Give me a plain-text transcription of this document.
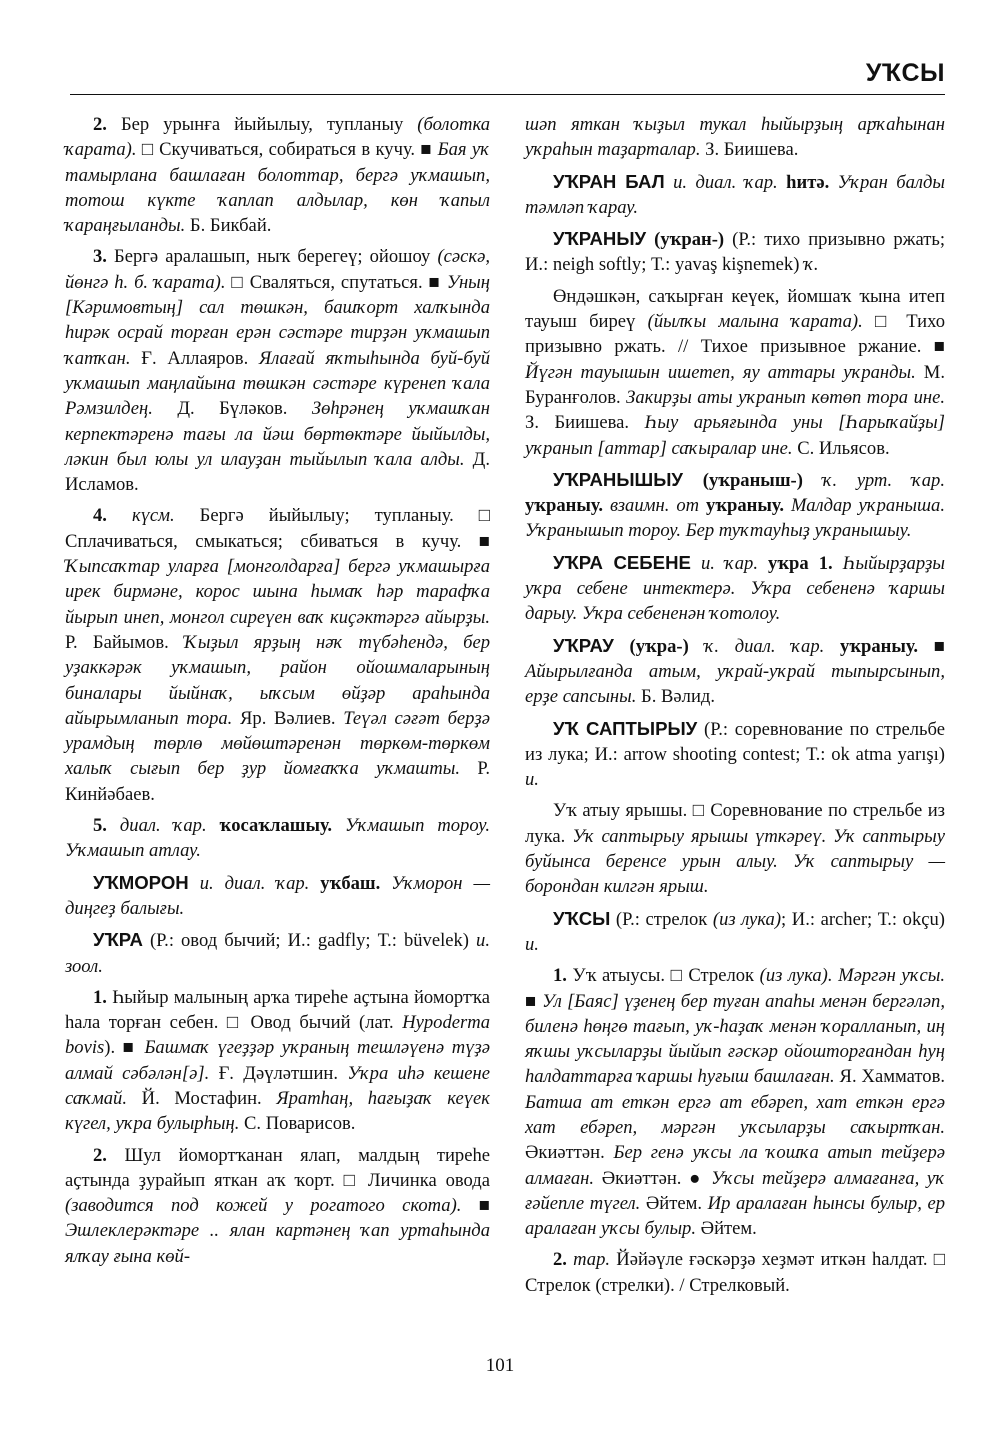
УҠСЫ

2. Бер урынға йыйылыу, тупланыу (болотка ҡарата). □ Скучиваться, собираться в кучу. ■ Бая уҡ тамырлана башлаған болоттар, бергә уҡмашып, тотош күкте ҡаплап алдылар, көн ҡапыл ҡараңғыланды. Б. Бикбай.

3. Бергә аралашып, ныҡ берегеү; ойошоу (сәскә, йөнгә һ. б. ҡарата). □ Сваляться, спутаться. ■ Уның [Кәримовтың] сал төшкән, башҡорт халҡында һирәк осрай торған ерән сәстәре тирҙән уҡмашып ҡатҡан. Ғ. Аллаяров. Ялағай яҡтыһында буй-буй уҡмашып маңлайына төшкән сәстәре күренеп ҡала Рәмзилдең. Д. Бүләков. Зөһрәнең уҡмашҡан керпектәренә тағы ла йәш бөртөктәре йыйылды, ләкин был юлы ул илауҙан тыйылып ҡала алды. Д. Исламов.

4. күсм. Бергә йыйылыу; тупланыу. □ Сплачиваться, смыкаться; сбиваться в кучу. ■ Ҡыпсаҡтар уларға [монголдарға] бергә уҡмашырға ирек бирмәне, корос шына һымаҡ һәр тарафҡа йырып инеп, монгол сиреүен ваҡ киҫәктәргә айырҙы. Р. Байымов. Ҡыҙыл ярҙың нәҡ түбәһендә, бер уҙаккәрәк уҡмашып, район ойошмаларының биналары йыйнаҡ, ыҡсым өйҙәр араһында айырымланып тора. Яр. Вәлиев. Теүәл сәғәт берҙә урамдың төрлө мөйөштәренән төркөм-төркөм халыҡ сығып бер ҙур йомғаҡҡа уҡмашты. Р. Кинйәбаев.

5. диал. ҡар. ҡосаҡлашыу. Уҡмашып тороу. Уҡмашып атлау.

УҠМОРОН и. диал. ҡар. уҡбаш. Уҡморон — диңгеҙ балығы.

УҠРА (Р.: овод бычий; И.: gadfly; Т.: büvelek) и. зоол.

1. Һыйыр малының арҡа тиреһе аҫтына йомортҡа һала торған себен. □ Овод бычий (лат. Hypoderma bovis). ■ Башмаҡ үгеҙҙәр уҡраның тешләүенә түҙә алмай сәбәлән[ә]. Ғ. Дәүләтшин. Уҡра иһә кешене саҡмай. Й. Мостафин. Яратһаң, һағыҙаҡ кеүек күгел, уҡра булырһың. С. Поварисов.

2. Шул йомортҡанан ялап, малдың тиреһе аҫтында ҙурайып яткан аҡ ҡорт. □ Личинка овода (заводится под кожей у рогатого скота). ■ Эшлеклерәктәре .. ялан картәнең ҡап уртаһында ялҡау ғына көй-

шәп яткан ҡыҙыл тукал һыйырҙың арҡаһынан уҡраһын таҙарталар. З. Биишева.

УҠРАН БАЛ и. диал. ҡар. һитә. Уҡран балды тәмләп ҡарау.

УҠРАНЫУ (уҡран-) (Р.: тихо призывно ржать; И.: neigh softly; Т.: yavaş kişnemek) ҡ.

Өндәшкән, саҡырған кеүек, йомшаҡ ҡына итеп тауыш биреү (йылҡы малына ҡарата). □ Тихо призывно ржать. // Тихое призывное ржание. ■ Йүгән тауышын ишетеп, яу аттары уҡранды. М. Буранғолов. Закирҙы аты уҡранып көтөп тора ине. З. Биишева. Һыу арьяғында уны [Һарыҡайҙы] уҡранып [аттар] саҡыралар ине. С. Ильясов.

УҠРАНЫШЫУ (уҡраныш-) ҡ. урт. ҡар. уҡраныу. взаимн. от уҡраныу. Малдар уҡраныша. Уҡранышып тороу. Бер туҡтауһыҙ уҡранышыу.

УҠРА СЕБЕНЕ и. ҡар. уҡра 1. Һыйырҙарҙы уҡра себене интектерә. Уҡра себененә ҡаршы дарыу. Уҡра себененән ҡотолоу.

УҠРАУ (уҡра-) ҡ. диал. ҡар. уҡраныу. ■ Айырылғанда атым, уҡрай-уҡрай тыпырсынып, ерҙе сапсыны. Б. Вәлид.

УҠ САПТЫРЫУ (Р.: соревнование по стрельбе из лука; И.: arrow shooting contest; Т.: ok atma yarışı) и.

Уҡ атыу ярышы. □ Соревнование по стрельбе из лука. Уҡ саптырыу ярышы үткәреү. Уҡ саптырыу буйынса беренсе урын алыу. Уҡ саптырыу — борондан килгән ярыш.

УҠСЫ (Р.: стрелок (из лука); И.: archer; Т.: okçu) и.

1. Уҡ атыусы. □ Стрелок (из лука). Мәргән уҡсы. ■ Ул [Баяс] үҙенең бер туған апаһы менән бергәләп, биленә һөңгө тағып, уҡ-һаҙаҡ менән ҡоралланып, иң яҡшы уҡсыларҙы йыйып ғәскәр ойошторғандан һуң һалдаттарға ҡаршы һуғыш башлаған. Я. Хамматов. Батша ат еткән ергә ат ебәреп, хат еткән ергә хат ебәреп, мәргән уҡсыларҙы саҡыртҡан. Әкиәттән. Бер генә уҡсы ла ҡошҡа атып тейҙерә алмаған. Әкиәттән. ● Уҡсы тейҙерә алмағанға, уҡ ғәйепле түгел. Әйтем. Ир аралаған һынсы булыр, ер аралаған уҡсы булыр. Әйтем.

2. тар. Йәйәүле ғәскәрҙә хеҙмәт иткән һалдат. □ Стрелок (стрелки). / Стрелковый.

101
